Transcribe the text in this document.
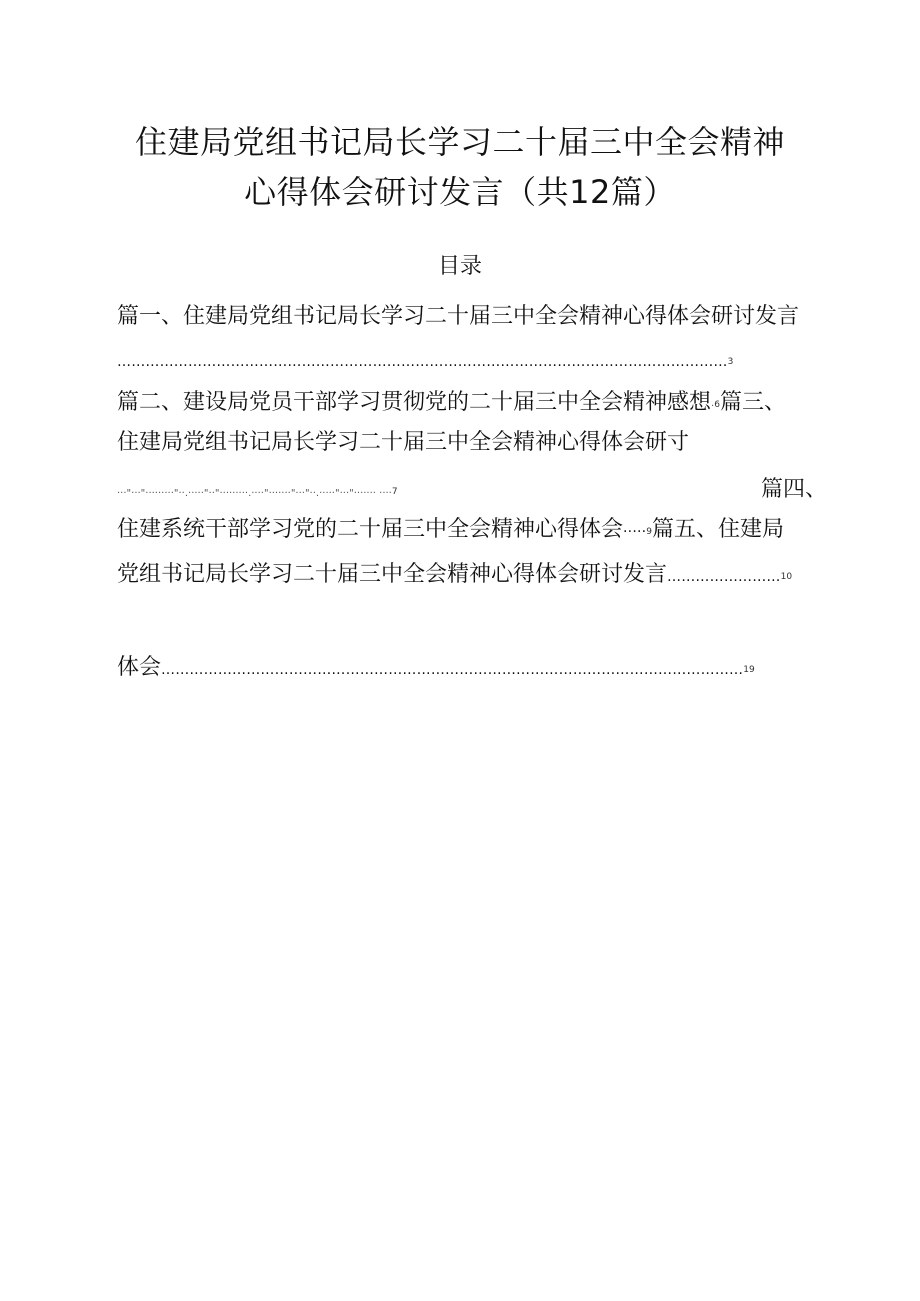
住建局党组书记局长学习二十届三中全会精神
心得体会研讨发言（共12篇）
目录
篇一、住建局党组书记局长学习二十届三中全会精神心得体会研讨发言
…………………………………………………………………………………………………………………3
篇二、建设局党员干部学习贯彻党的二十届三中全会精神感想·6篇三、
住建局党组书记局长学习二十届三中全会精神心得体会研寸
···"···"·········"··.·····"··"·········.····"·······"···"··.·····"···"······· ····7	篇四、
住建系统干部学习党的二十届三中全会精神心得体会·····9篇五、住建局
党组书记局长学习二十届三中全会精神心得体会研讨发言……………………10
体会……………………………………………………………………………………………………………19
